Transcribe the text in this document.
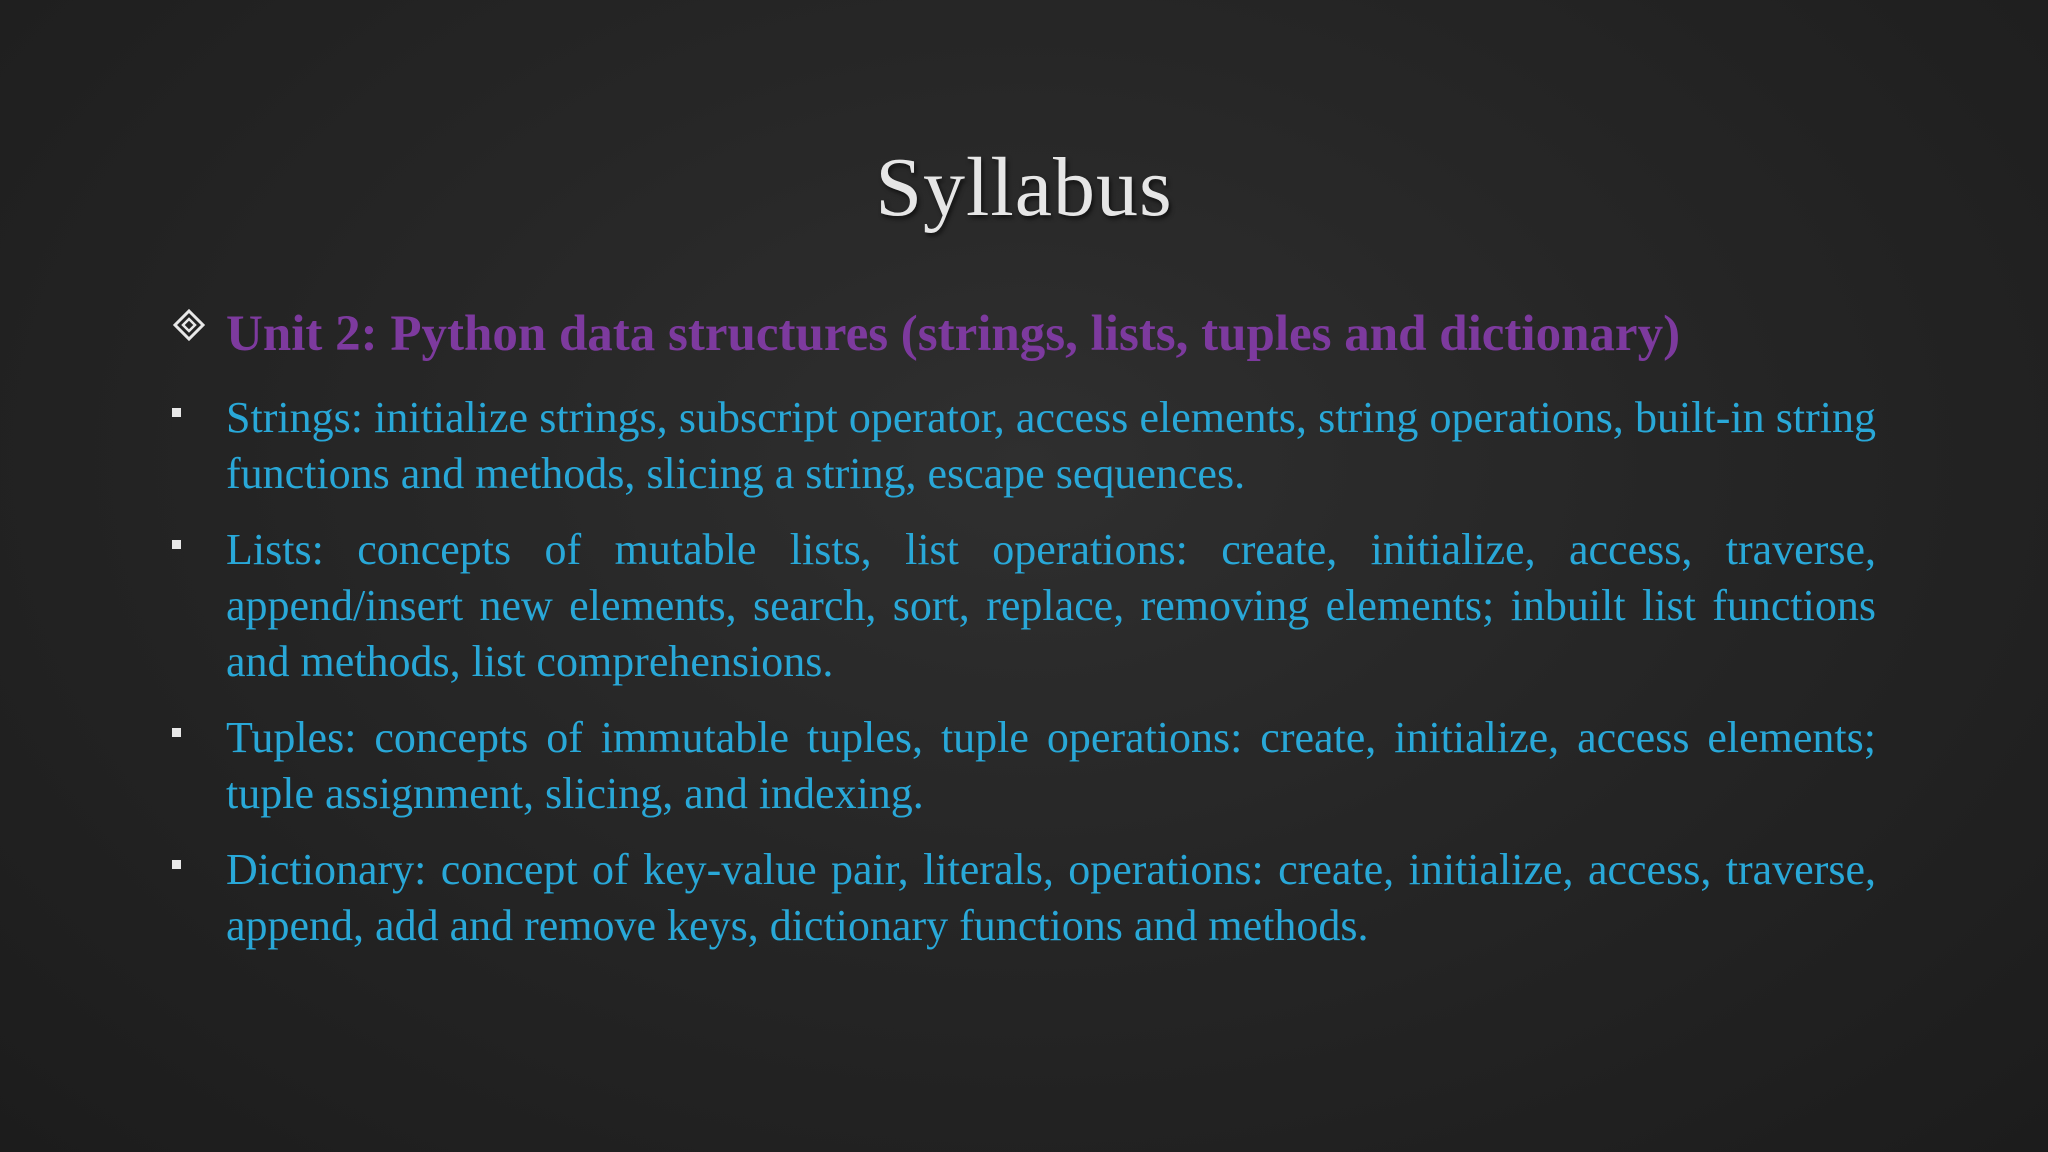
Syllabus
Unit 2: Python data structures (strings, lists, tuples and dictionary)
Strings: initialize strings, subscript operator, access elements, string operations, built-in string functions and methods, slicing a string, escape sequences.
Lists: concepts of mutable lists, list operations: create, initialize, access, traverse, append/insert new elements, search, sort, replace, removing elements; inbuilt list functions and methods, list comprehensions.
Tuples: concepts of immutable tuples, tuple operations: create, initialize, access elements; tuple assignment, slicing, and indexing.
Dictionary: concept of key-value pair, literals, operations: create, initialize, access, traverse, append, add and remove keys, dictionary functions and methods.
